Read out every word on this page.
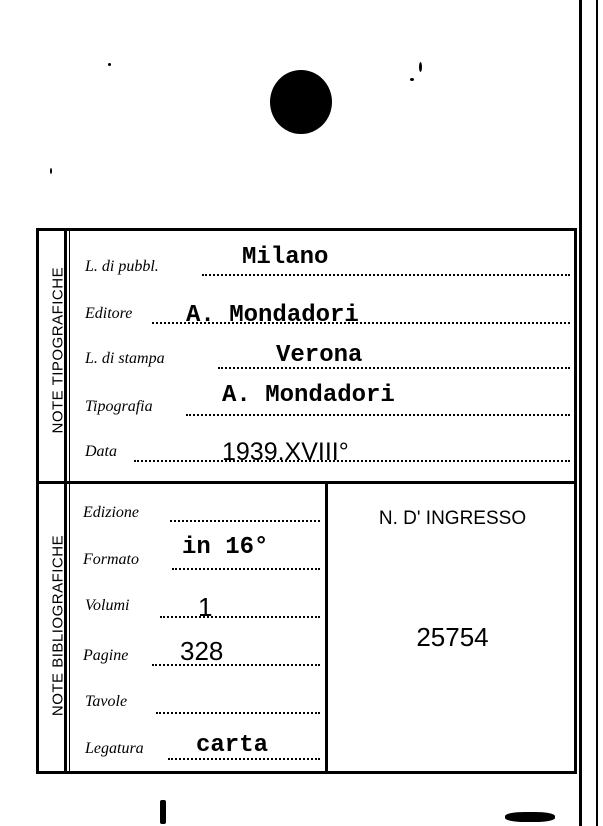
NOTE TIPOGRAFICHE
NOTE BIBLIOGRAFICHE
L. di pubbl.	Milano
Editore A. Mondadori
L. di stampa	Verona
Tipografia	A. Mondadori
Data	1939.XVIII°
Edizione
Formato in 16°
Volumi	1
Pagine 328
Tavole
Legatura carta
N. D' INGRESSO
25754
